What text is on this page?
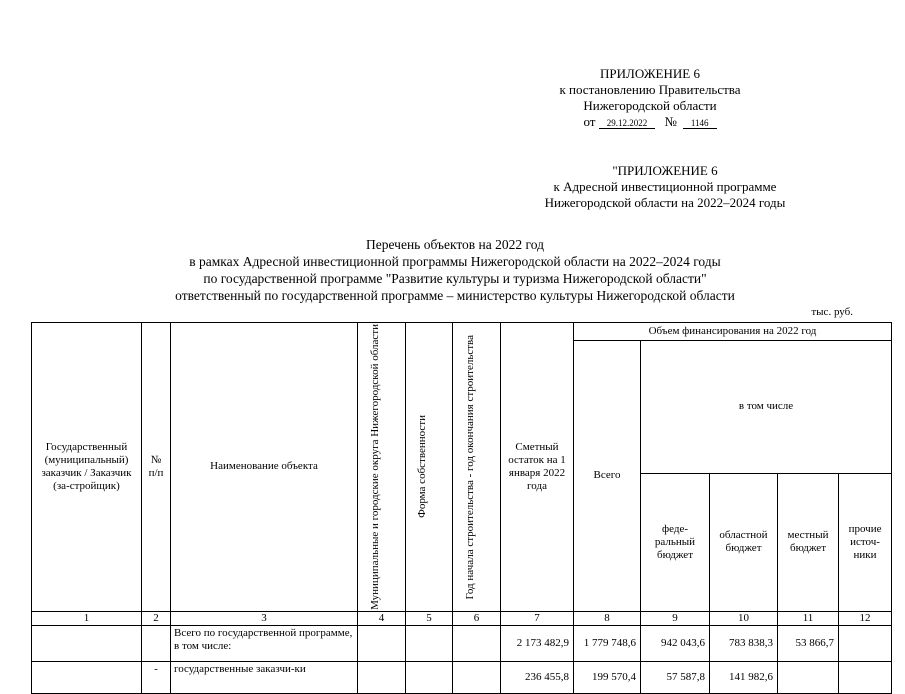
ПРИЛОЖЕНИЕ 6
к постановлению Правительства
Нижегородской области
от 29.12.2022 № 1146
"ПРИЛОЖЕНИЕ 6
к Адресной инвестиционной программе
Нижегородской области на 2022–2024 годы
Перечень объектов на 2022 год
в рамках Адресной инвестиционной программы Нижегородской области на 2022–2024 годы
по государственной программе "Развитие культуры и туризма Нижегородской области"
ответственный по государственной программе – министерство культуры Нижегородской области
тыс. руб.
Государственный (муниципальный) заказчик / Заказчик (за-стройщик)	№ п/п	Наименование объекта	Муниципальные и городские округа Нижегородской области	Форма собственности	Год начала строительства - год окончания строительства	Сметный остаток на 1 января 2022 года	Объем финансирования на 2022 год				
							Всего	в том числе			
								феде-ральный бюджет	областной бюджет	местный бюджет	прочие источ-ники
1	2	3	4	5	6	7	8	9	10	11	12
		Всего по государственной программе, в том числе:				2 173 482,9	1 779 748,6	942 043,6	783 838,3	53 866,7	
	-	государственные заказчи-ки				236 455,8	199 570,4	57 587,8	141 982,6		
